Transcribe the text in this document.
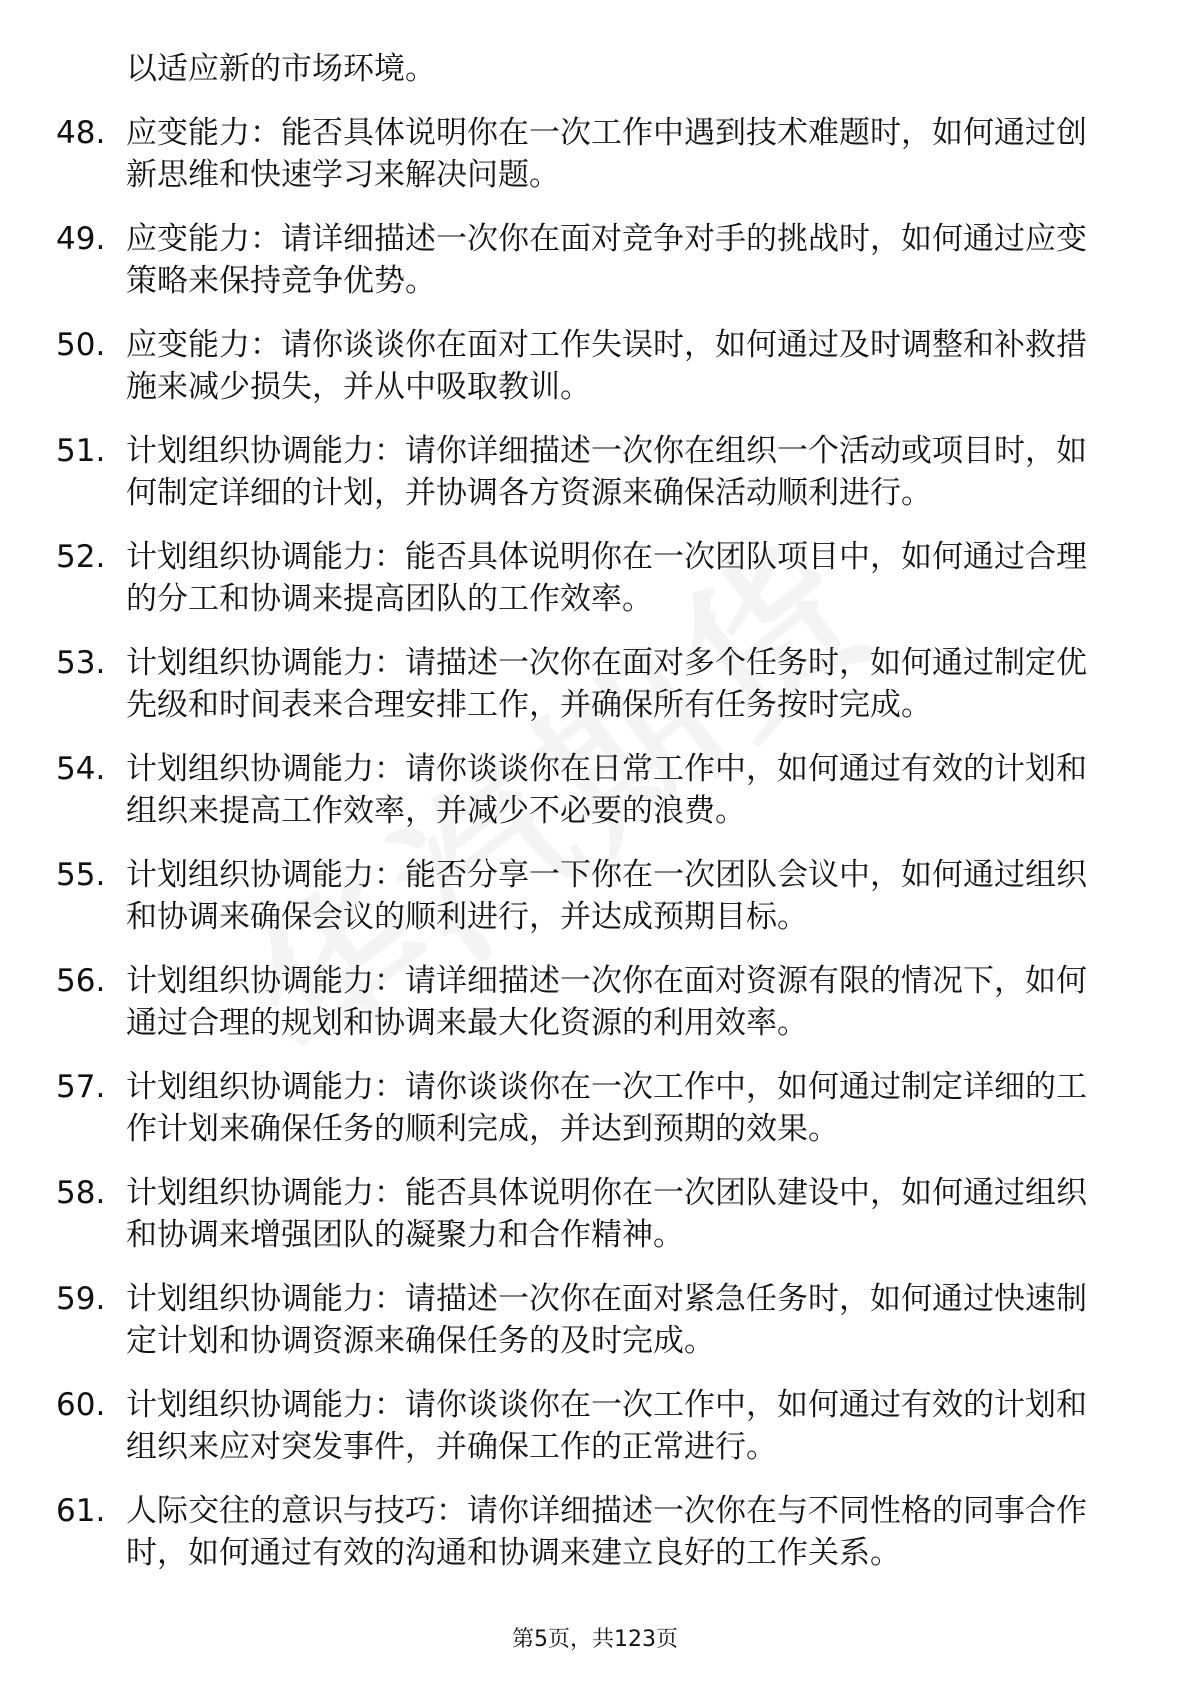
以适应新的市场环境。
48. 应变能力：能否具体说明你在一次工作中遇到技术难题时，如何通过创新思维和快速学习来解决问题。
49. 应变能力：请详细描述一次你在面对竞争对手的挑战时，如何通过应变策略来保持竞争优势。
50. 应变能力：请你谈谈你在面对工作失误时，如何通过及时调整和补救措施来减少损失，并从中吸取教训。
51. 计划组织协调能力：请你详细描述一次你在组织一个活动或项目时，如何制定详细的计划，并协调各方资源来确保活动顺利进行。
52. 计划组织协调能力：能否具体说明你在一次团队项目中，如何通过合理的分工和协调来提高团队的工作效率。
53. 计划组织协调能力：请描述一次你在面对多个任务时，如何通过制定优先级和时间表来合理安排工作，并确保所有任务按时完成。
54. 计划组织协调能力：请你谈谈你在日常工作中，如何通过有效的计划和组织来提高工作效率，并减少不必要的浪费。
55. 计划组织协调能力：能否分享一下你在一次团队会议中，如何通过组织和协调来确保会议的顺利进行，并达成预期目标。
56. 计划组织协调能力：请详细描述一次你在面对资源有限的情况下，如何通过合理的规划和协调来最大化资源的利用效率。
57. 计划组织协调能力：请你谈谈你在一次工作中，如何通过制定详细的工作计划来确保任务的顺利完成，并达到预期的效果。
58. 计划组织协调能力：能否具体说明你在一次团队建设中，如何通过组织和协调来增强团队的凝聚力和合作精神。
59. 计划组织协调能力：请描述一次你在面对紧急任务时，如何通过快速制定计划和协调资源来确保任务的及时完成。
60. 计划组织协调能力：请你谈谈你在一次工作中，如何通过有效的计划和组织来应对突发事件，并确保工作的正常进行。
61. 人际交往的意识与技巧：请你详细描述一次你在与不同性格的同事合作时，如何通过有效的沟通和协调来建立良好的工作关系。
第5页，共123页
